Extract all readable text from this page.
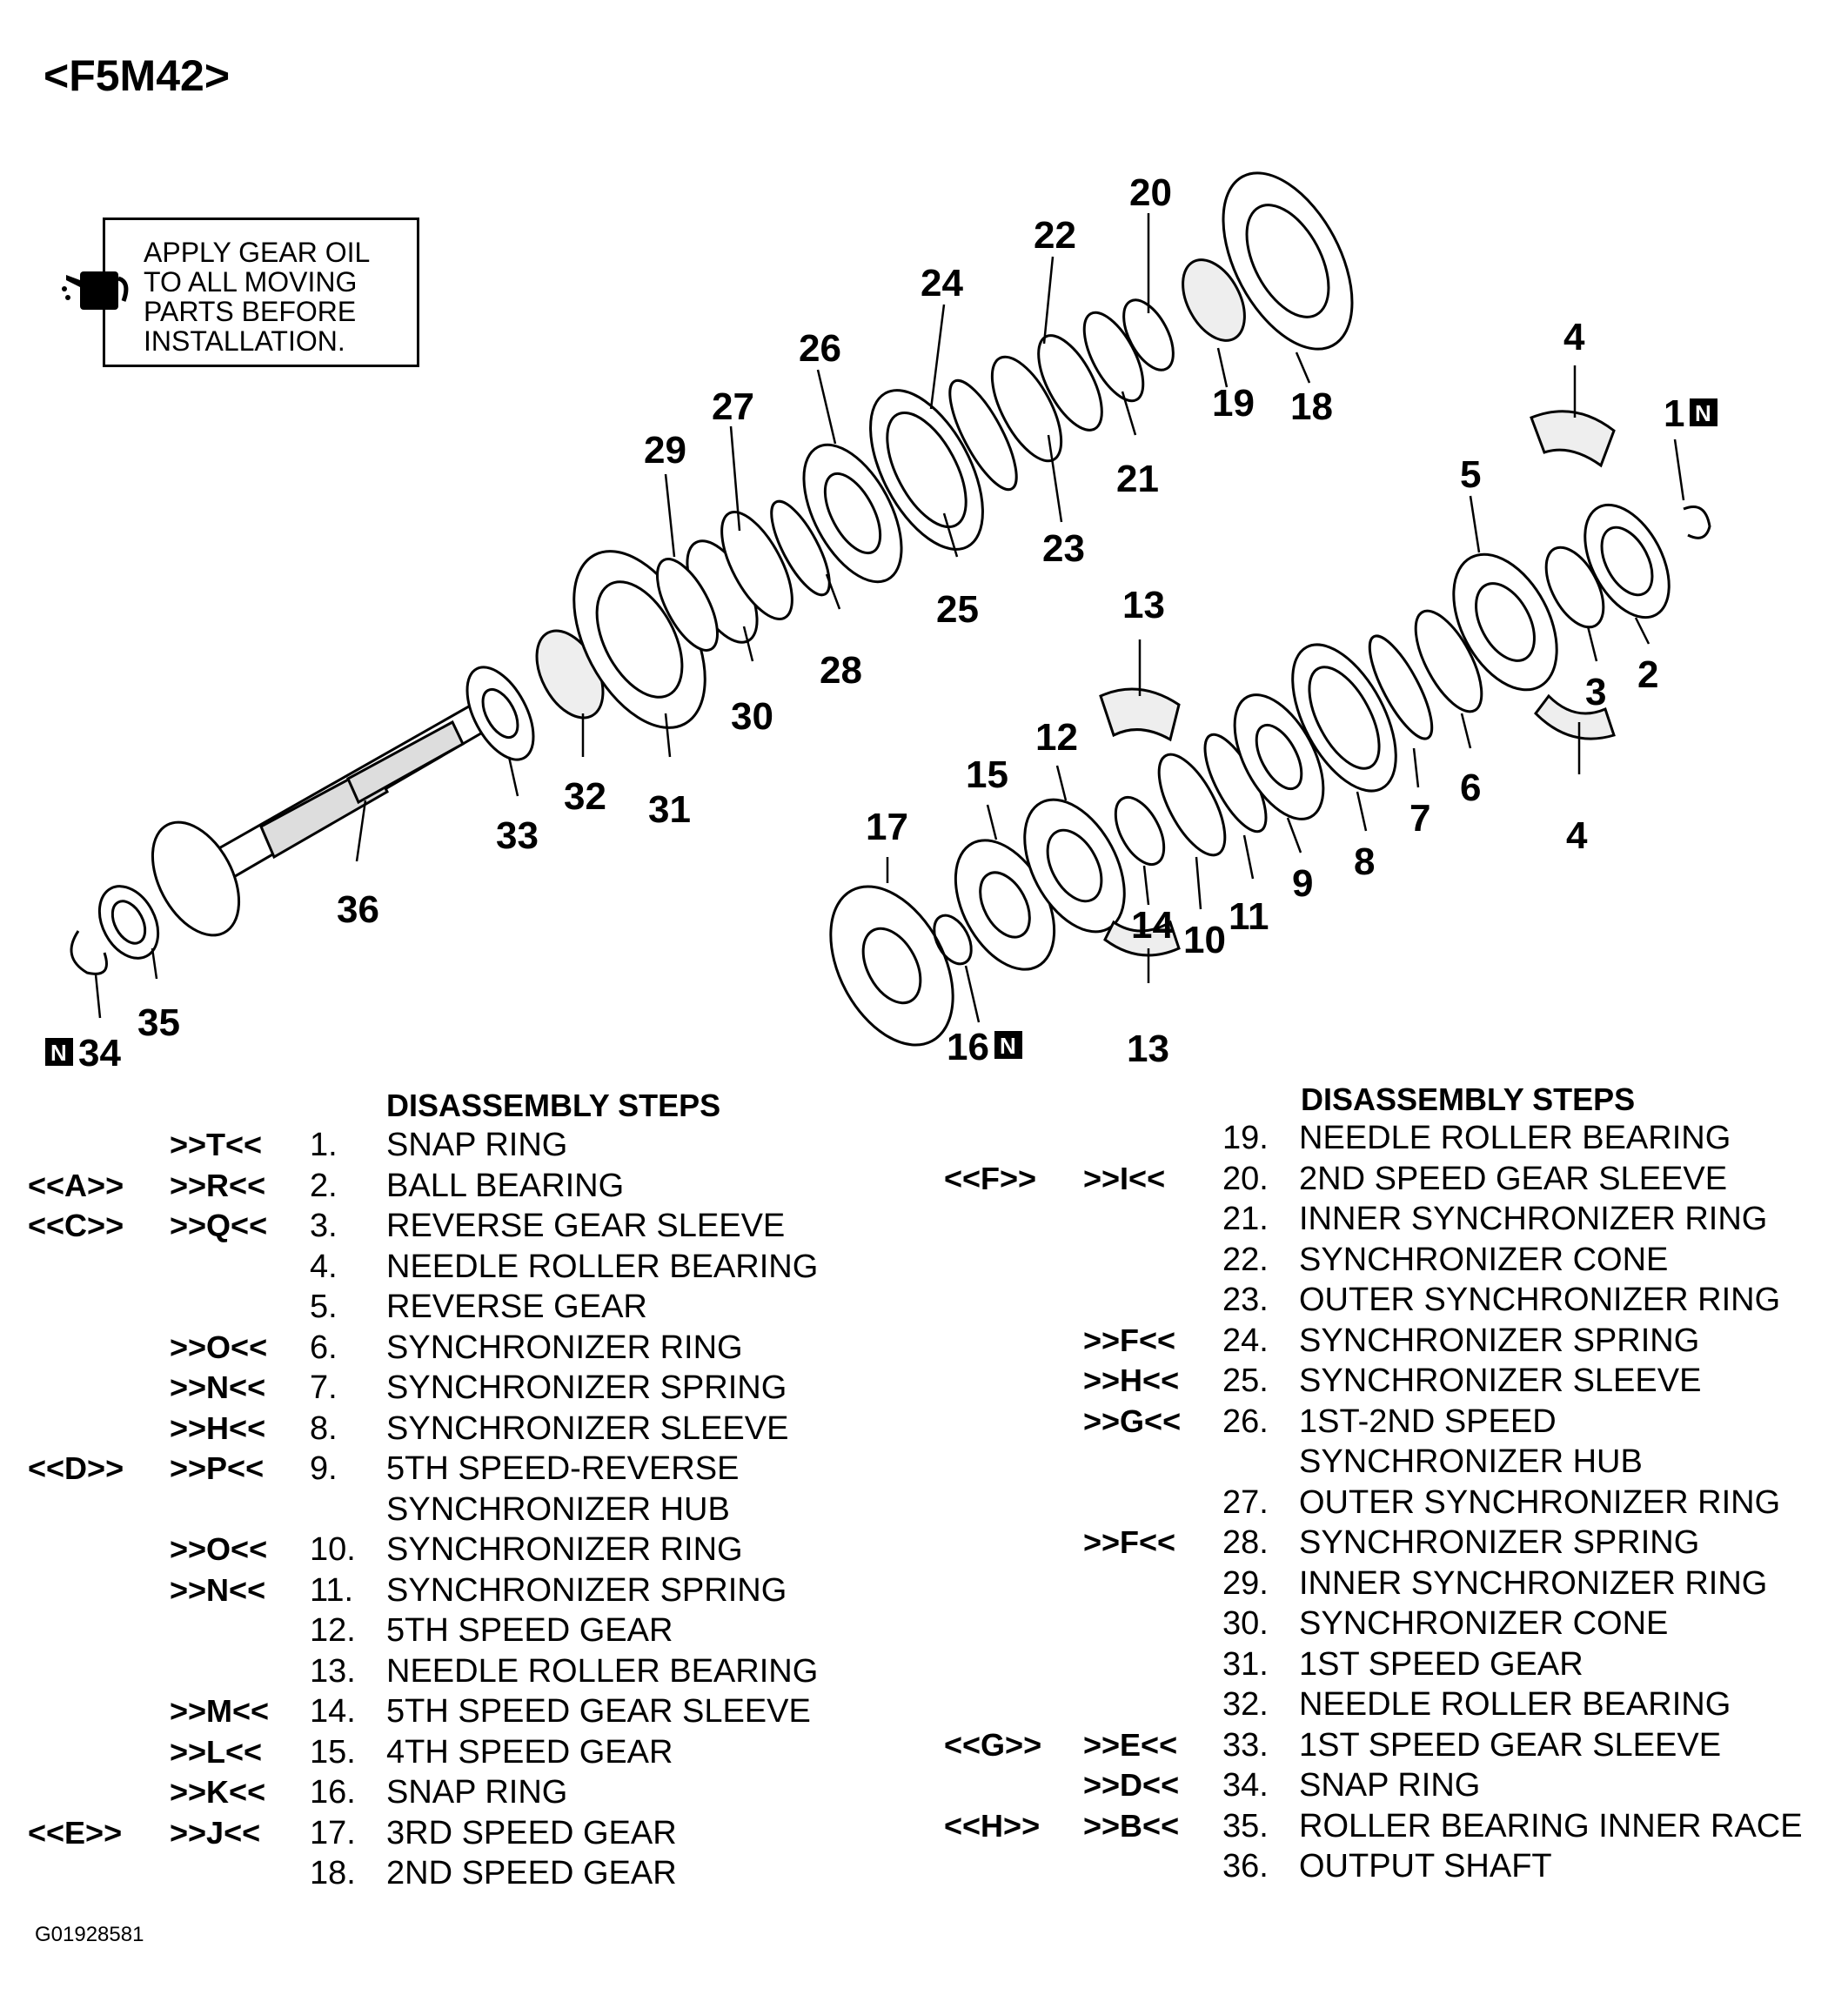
<F5M42>
APPLY GEAR OIL
TO ALL MOVING
PARTS BEFORE
INSTALLATION.
20
22
24
26
27
29
19 18
21
23
25
28
30
31
32
33
36
35
34
4
1
5
13
3 2
12
15
17
6
7
8
4
9
11
10
14
13
16
N
N
N
DISASSEMBLY STEPS
>>T<< 1. SNAP RING
<<A>> >>R<< 2. BALL BEARING
<<C>> >>Q<< 3. REVERSE GEAR SLEEVE
4. NEEDLE ROLLER BEARING
5. REVERSE GEAR
>>O<< 6. SYNCHRONIZER RING
>>N<< 7. SYNCHRONIZER SPRING
>>H<< 8. SYNCHRONIZER SLEEVE
<<D>> >>P<< 9. 5TH SPEED-REVERSE
SYNCHRONIZER HUB
>>O<< 10. SYNCHRONIZER RING
>>N<< 11. SYNCHRONIZER SPRING
12. 5TH SPEED GEAR
13. NEEDLE ROLLER BEARING
>>M<< 14. 5TH SPEED GEAR SLEEVE
>>L<< 15. 4TH SPEED GEAR
>>K<< 16. SNAP RING
<<E>> >>J<< 17. 3RD SPEED GEAR
18. 2ND SPEED GEAR
DISASSEMBLY STEPS
19. NEEDLE ROLLER BEARING
<<F>> >>I<< 20. 2ND SPEED GEAR SLEEVE
21. INNER SYNCHRONIZER RING
22. SYNCHRONIZER CONE
23. OUTER SYNCHRONIZER RING
>>F<< 24. SYNCHRONIZER SPRING
>>H<< 25. SYNCHRONIZER SLEEVE
>>G<< 26. 1ST-2ND SPEED
SYNCHRONIZER HUB
27. OUTER SYNCHRONIZER RING
>>F<< 28. SYNCHRONIZER SPRING
29. INNER SYNCHRONIZER RING
30. SYNCHRONIZER CONE
31. 1ST SPEED GEAR
32. NEEDLE ROLLER BEARING
<<G>> >>E<< 33. 1ST SPEED GEAR SLEEVE
>>D<< 34. SNAP RING
<<H>> >>B<< 35. ROLLER BEARING INNER RACE
36. OUTPUT SHAFT
G01928581
